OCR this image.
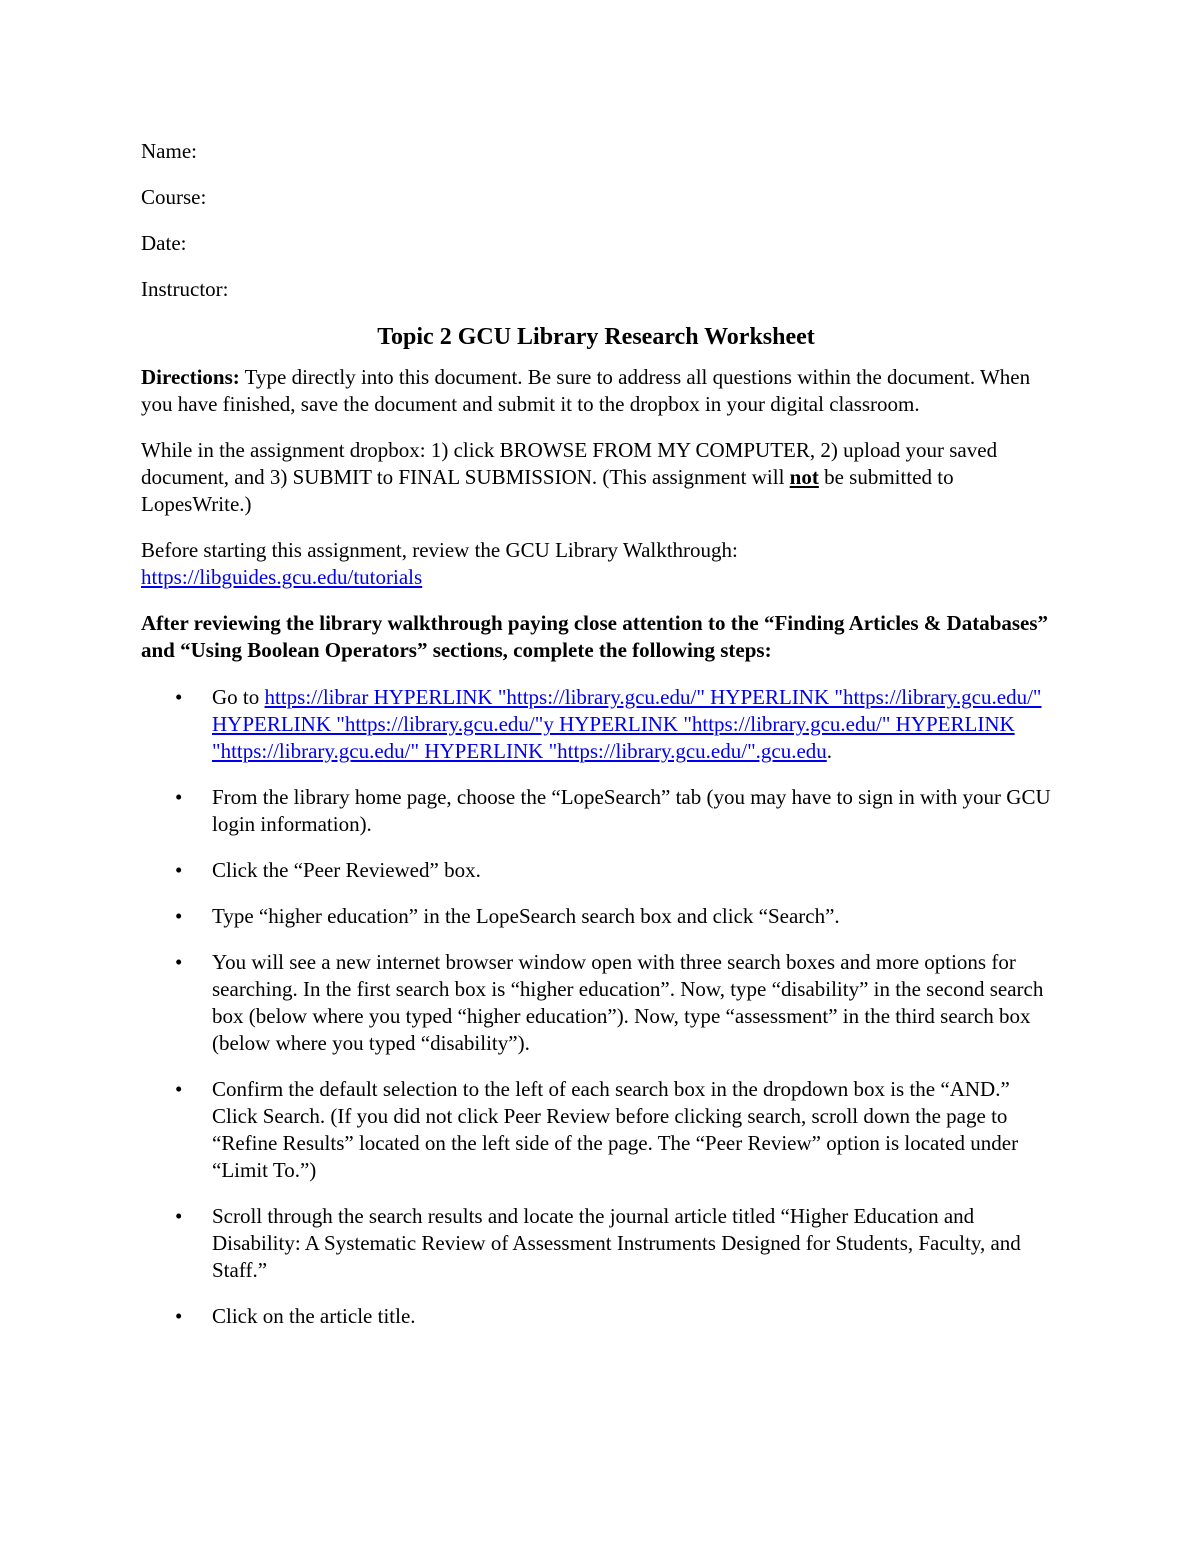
Name:
Course:
Date:
Instructor:
Topic 2 GCU Library Research Worksheet

Directions: Type directly into this document. Be sure to address all questions within the document. When you have finished, save the document and submit it to the dropbox in your digital classroom.

While in the assignment dropbox: 1) click BROWSE FROM MY COMPUTER, 2) upload your saved document, and 3) SUBMIT to FINAL SUBMISSION. (This assignment will not be submitted to LopesWrite.)

Before starting this assignment, review the GCU Library Walkthrough:
https://libguides.gcu.edu/tutorials

After reviewing the library walkthrough paying close attention to the “Finding Articles & Databases” and “Using Boolean Operators” sections, complete the following steps:

• Go to https://librar HYPERLINK "https://library.gcu.edu/" HYPERLINK "https://library.gcu.edu/" HYPERLINK "https://library.gcu.edu/"y HYPERLINK "https://library.gcu.edu/" HYPERLINK "https://library.gcu.edu/" HYPERLINK "https://library.gcu.edu/".gcu.edu.
• From the library home page, choose the “LopeSearch” tab (you may have to sign in with your GCU login information).
• Click the “Peer Reviewed” box.
• Type “higher education” in the LopeSearch search box and click “Search”.
• You will see a new internet browser window open with three search boxes and more options for searching. In the first search box is “higher education”. Now, type “disability” in the second search box (below where you typed “higher education”). Now, type “assessment” in the third search box (below where you typed “disability”).
• Confirm the default selection to the left of each search box in the dropdown box is the “AND.” Click Search. (If you did not click Peer Review before clicking search, scroll down the page to “Refine Results” located on the left side of the page. The “Peer Review” option is located under “Limit To.”)
• Scroll through the search results and locate the journal article titled “Higher Education and Disability: A Systematic Review of Assessment Instruments Designed for Students, Faculty, and Staff.”
• Click on the article title.
